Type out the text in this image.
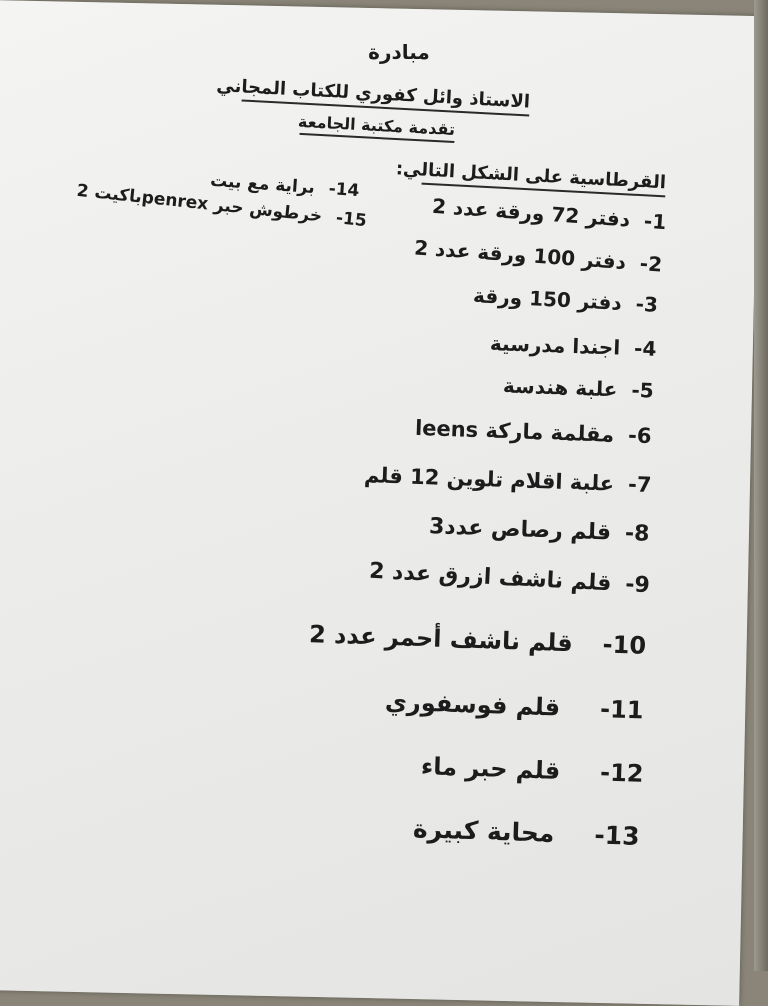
مبادرة
الاستاذ وائل كفوري للكتاب المجاني
تقدمة مكتبة الجامعة
القرطاسية على الشكل التالي:
14-
براية مع بيت
15-
خرطوش حبر penrexباكيت 2	1-
دفتر 72 ورقة عدد 2
2-
دفتر 100 ورقة عدد 2
3-
دفتر 150 ورقة
4-
اجندا مدرسية
5-
علبة هندسة
6-
مقلمة ماركة leens
7-
علبة اقلام تلوين 12 قلم
8-
قلم رصاص عدد3
9-
قلم ناشف ازرق عدد 2
10-
قلم ناشف أحمر عدد 2
11-
قلم فوسفوري
12-
قلم حبر ماء
13-
محاية كبيرة
